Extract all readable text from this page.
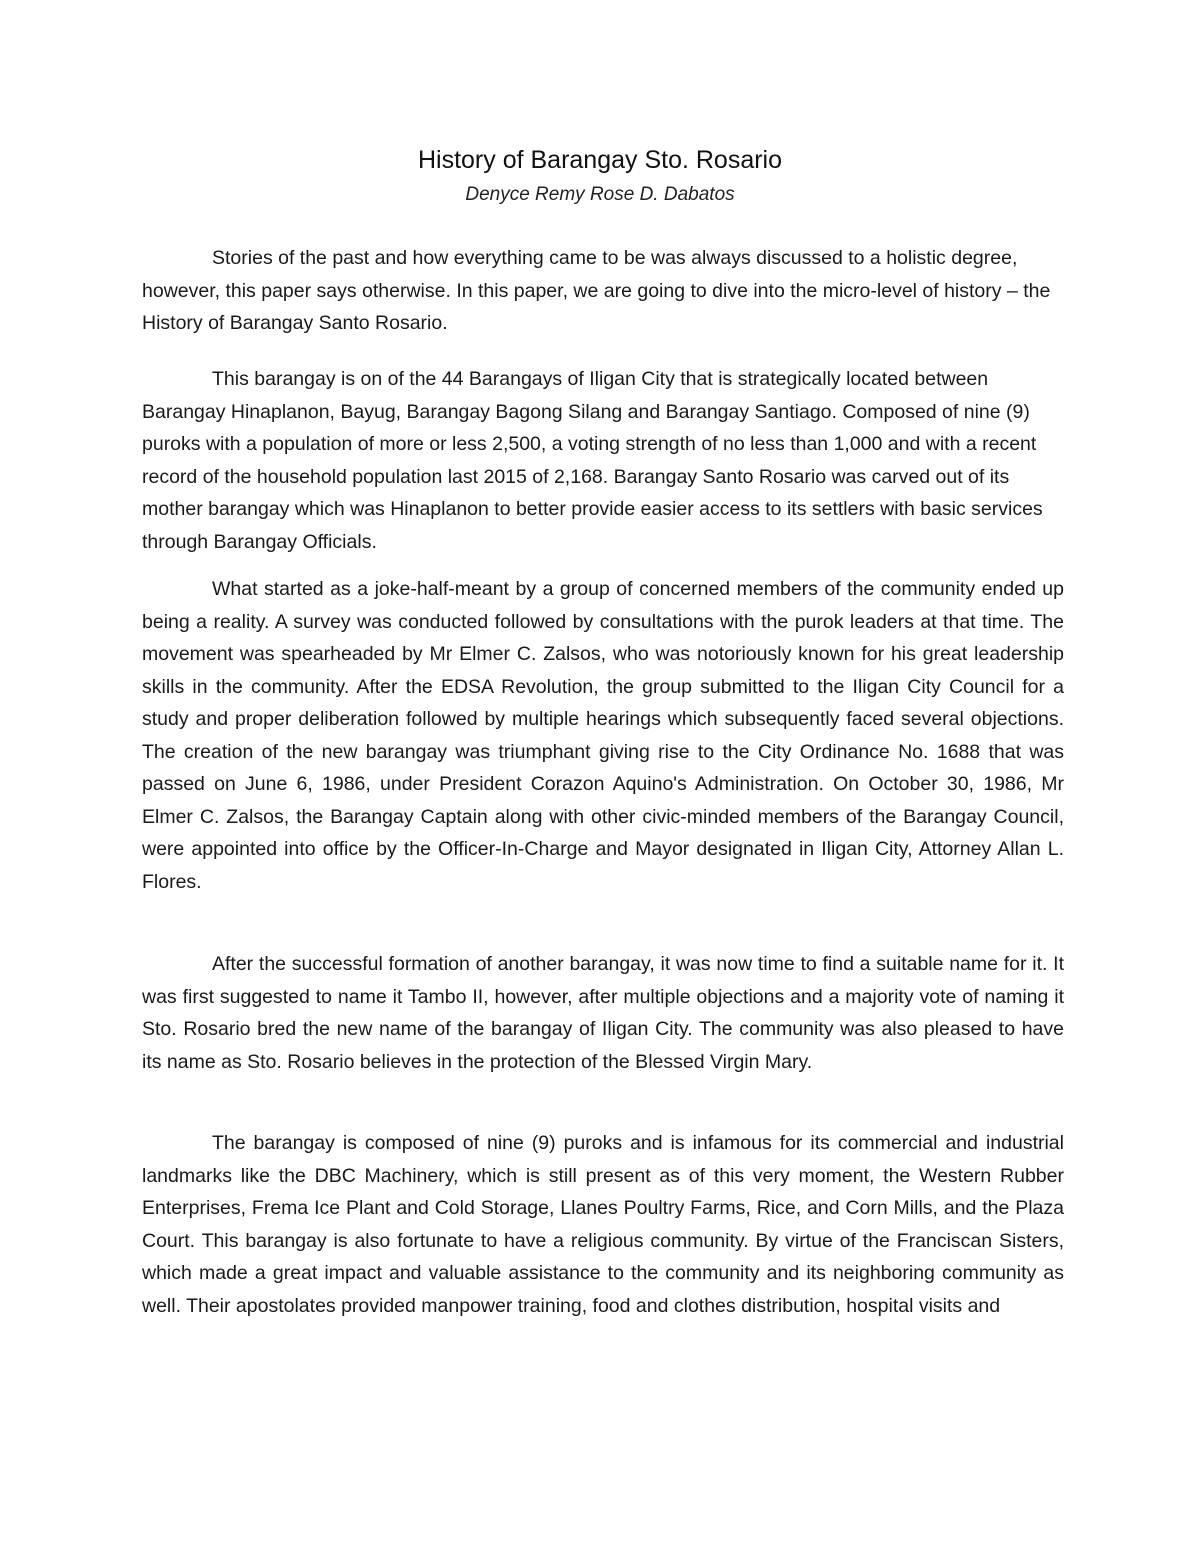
History of Barangay Sto. Rosario

Denyce Remy Rose D. Dabatos

Stories of the past and how everything came to be was always discussed to a holistic degree, however, this paper says otherwise. In this paper, we are going to dive into the micro-level of history – the History of Barangay Santo Rosario.

This barangay is on of the 44 Barangays of Iligan City that is strategically located between Barangay Hinaplanon, Bayug, Barangay Bagong Silang and Barangay Santiago. Composed of nine (9) puroks with a population of more or less 2,500, a voting strength of no less than 1,000 and with a recent record of the household population last 2015 of 2,168. Barangay Santo Rosario was carved out of its mother barangay which was Hinaplanon to better provide easier access to its settlers with basic services through Barangay Officials.

What started as a joke-half-meant by a group of concerned members of the community ended up being a reality. A survey was conducted followed by consultations with the purok leaders at that time. The movement was spearheaded by Mr Elmer C. Zalsos, who was notoriously known for his great leadership skills in the community. After the EDSA Revolution, the group submitted to the Iligan City Council for a study and proper deliberation followed by multiple hearings which subsequently faced several objections. The creation of the new barangay was triumphant giving rise to the City Ordinance No. 1688 that was passed on June 6, 1986, under President Corazon Aquino's Administration. On October 30, 1986, Mr Elmer C. Zalsos, the Barangay Captain along with other civic-minded members of the Barangay Council, were appointed into office by the Officer-In-Charge and Mayor designated in Iligan City, Attorney Allan L. Flores.

After the successful formation of another barangay, it was now time to find a suitable name for it. It was first suggested to name it Tambo II, however, after multiple objections and a majority vote of naming it Sto. Rosario bred the new name of the barangay of Iligan City. The community was also pleased to have its name as Sto. Rosario believes in the protection of the Blessed Virgin Mary.

The barangay is composed of nine (9) puroks and is infamous for its commercial and industrial landmarks like the DBC Machinery, which is still present as of this very moment, the Western Rubber Enterprises, Frema Ice Plant and Cold Storage, Llanes Poultry Farms, Rice, and Corn Mills, and the Plaza Court. This barangay is also fortunate to have a religious community. By virtue of the Franciscan Sisters, which made a great impact and valuable assistance to the community and its neighboring community as well. Their apostolates provided manpower training, food and clothes distribution, hospital visits and
